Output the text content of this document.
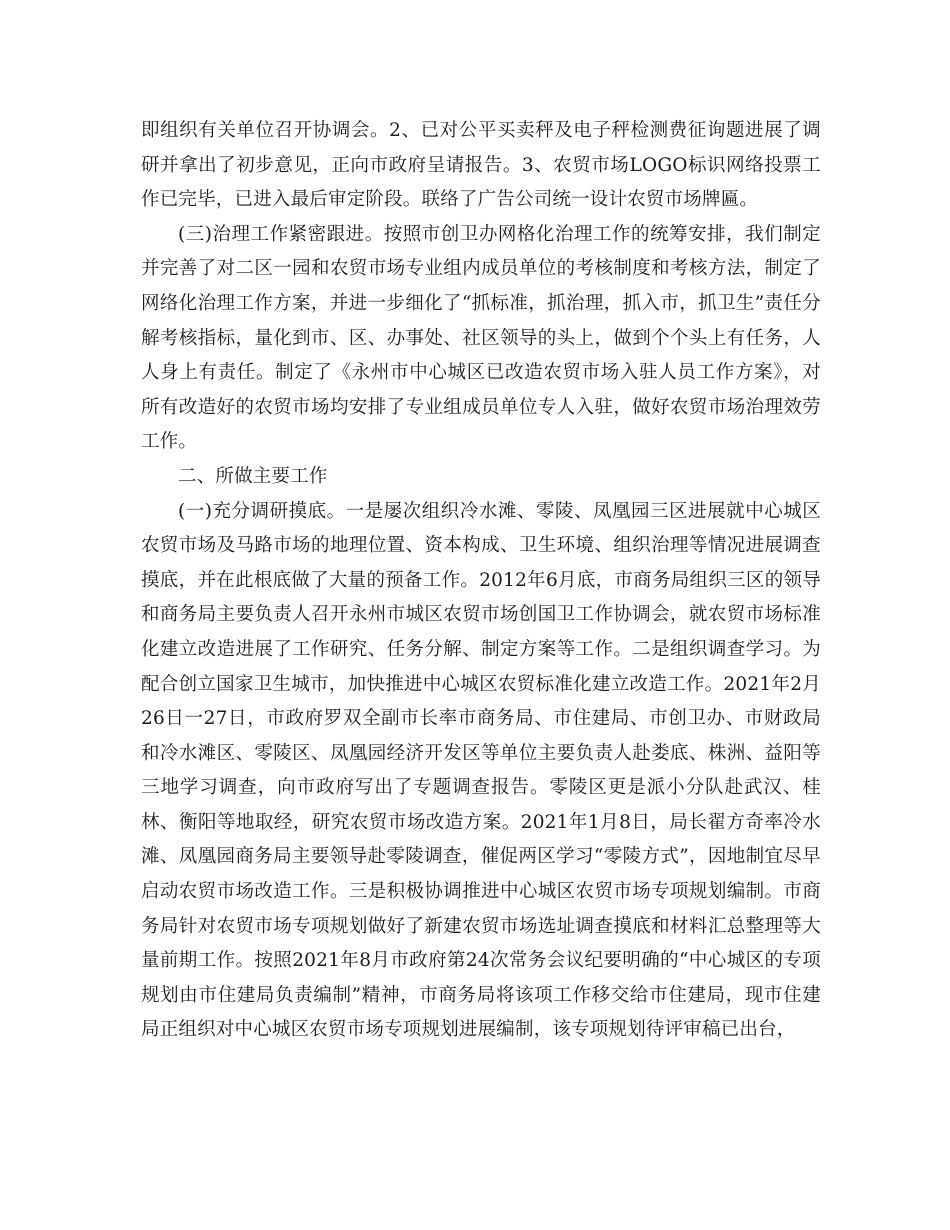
即组织有关单位召开协调会。2、已对公平买卖秤及电子秤检测费征询题进展了调研并拿出了初步意见，正向市政府呈请报告。3、农贸市场LOGO标识网络投票工作已完毕，已进入最后审定阶段。联络了广告公司统一设计农贸市场牌匾。

(三)治理工作紧密跟进。按照市创卫办网格化治理工作的统筹安排，我们制定并完善了对二区一园和农贸市场专业组内成员单位的考核制度和考核方法，制定了网络化治理工作方案，并进一步细化了“抓标准，抓治理，抓入市，抓卫生”责任分解考核指标，量化到市、区、办事处、社区领导的头上，做到个个头上有任务，人人身上有责任。制定了《永州市中心城区已改造农贸市场入驻人员工作方案》，对所有改造好的农贸市场均安排了专业组成员单位专人入驻，做好农贸市场治理效劳工作。

二、所做主要工作

(一)充分调研摸底。一是屡次组织冷水滩、零陵、凤凰园三区进展就中心城区农贸市场及马路市场的地理位置、资本构成、卫生环境、组织治理等情况进展调查摸底，并在此根底做了大量的预备工作。2012年6月底，市商务局组织三区的领导和商务局主要负责人召开永州市城区农贸市场创国卫工作协调会，就农贸市场标准化建立改造进展了工作研究、任务分解、制定方案等工作。二是组织调查学习。为配合创立国家卫生城市，加快推进中心城区农贸标准化建立改造工作。2021年2月26日一27日，市政府罗双全副市长率市商务局、市住建局、市创卫办、市财政局和冷水滩区、零陵区、凤凰园经济开发区等单位主要负责人赴娄底、株洲、益阳等三地学习调查，向市政府写出了专题调查报告。零陵区更是派小分队赴武汉、桂林、衡阳等地取经，研究农贸市场改造方案。2021年1月8日，局长翟方奇率冷水滩、凤凰园商务局主要领导赴零陵调查，催促两区学习“零陵方式”，因地制宜尽早启动农贸市场改造工作。三是积极协调推进中心城区农贸市场专项规划编制。市商务局针对农贸市场专项规划做好了新建农贸市场选址调查摸底和材料汇总整理等大量前期工作。按照2021年8月市政府第24次常务会议纪要明确的“中心城区的专项规划由市住建局负责编制”精神，市商务局将该项工作移交给市住建局，现市住建局正组织对中心城区农贸市场专项规划进展编制，该专项规划待评审稿已出台，
